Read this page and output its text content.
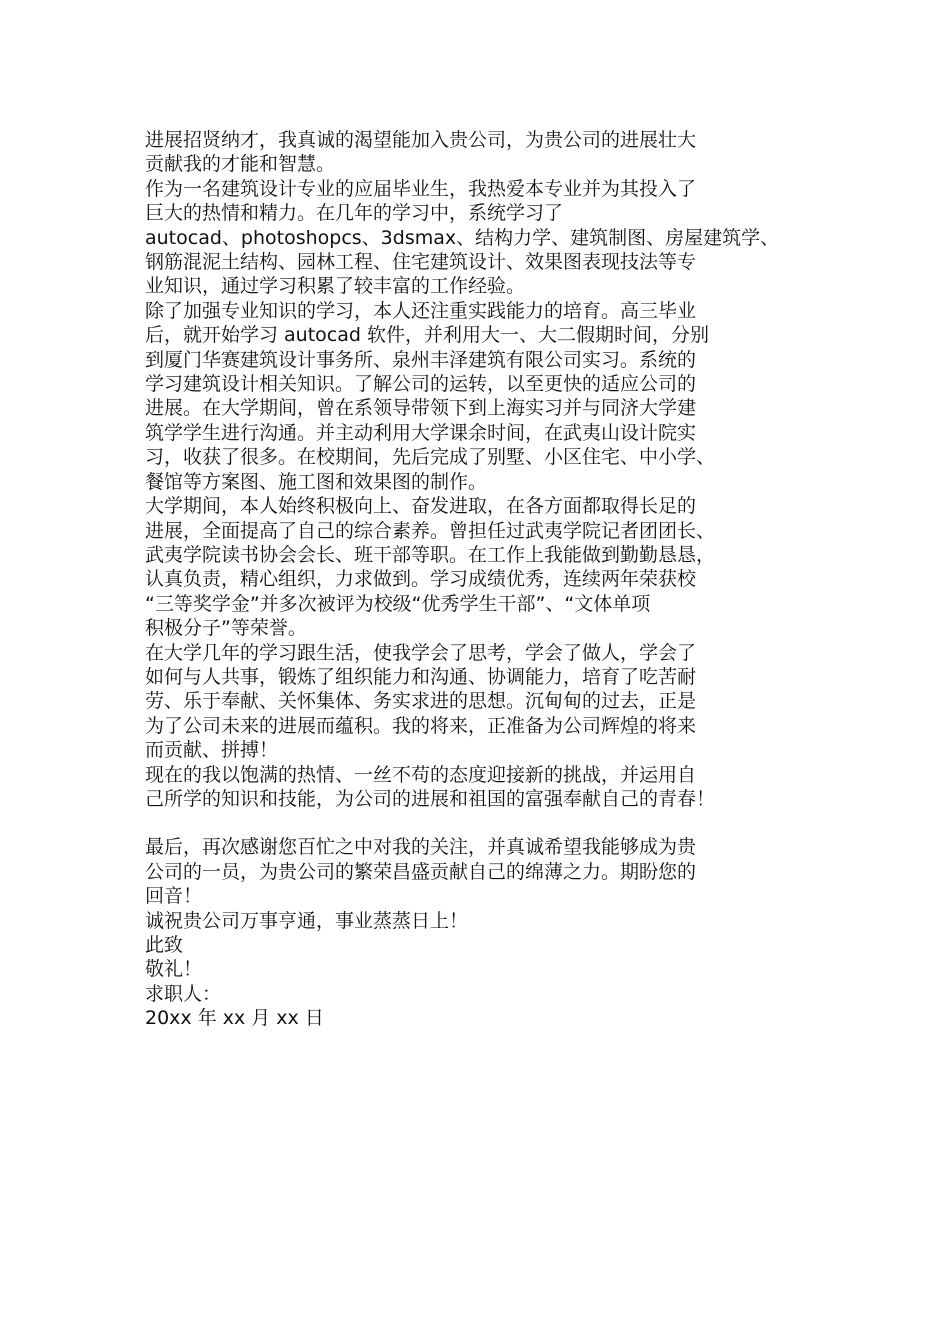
进展招贤纳才，我真诚的渴望能加入贵公司，为贵公司的进展壮大
贡献我的才能和智慧。

作为一名建筑设计专业的应届毕业生，我热爱本专业并为其投入了
巨大的热情和精力。在几年的学习中，系统学习了
autocad、photoshopcs、3dsmax、结构力学、建筑制图、房屋建筑学、
钢筋混泥土结构、园林工程、住宅建筑设计、效果图表现技法等专
业知识，通过学习积累了较丰富的工作经验。

除了加强专业知识的学习，本人还注重实践能力的培育。高三毕业
后，就开始学习 autocad 软件，并利用大一、大二假期时间，分别
到厦门华赛建筑设计事务所、泉州丰泽建筑有限公司实习。系统的
学习建筑设计相关知识。了解公司的运转，以至更快的适应公司的
进展。在大学期间，曾在系领导带领下到上海实习并与同济大学建
筑学学生进行沟通。并主动利用大学课余时间，在武夷山设计院实
习，收获了很多。在校期间，先后完成了别墅、小区住宅、中小学、
餐馆等方案图、施工图和效果图的制作。

大学期间，本人始终积极向上、奋发进取，在各方面都取得长足的
进展，全面提高了自己的综合素养。曾担任过武夷学院记者团团长、
武夷学院读书协会会长、班干部等职。在工作上我能做到勤勤恳恳，
认真负责，精心组织，力求做到。学习成绩优秀，连续两年荣获校
“三等奖学金”并多次被评为校级“优秀学生干部”、“文体单项
积极分子”等荣誉。

在大学几年的学习跟生活，使我学会了思考，学会了做人，学会了
如何与人共事，锻炼了组织能力和沟通、协调能力，培育了吃苦耐
劳、乐于奉献、关怀集体、务实求进的思想。沉甸甸的过去，正是
为了公司未来的进展而蕴积。我的将来，正准备为公司辉煌的将来
而贡献、拼搏！

现在的我以饱满的热情、一丝不苟的态度迎接新的挑战，并运用自
己所学的知识和技能，为公司的进展和祖国的富强奉献自己的青春！

最后，再次感谢您百忙之中对我的关注，并真诚希望我能够成为贵
公司的一员，为贵公司的繁荣昌盛贡献自己的绵薄之力。期盼您的
回音！

诚祝贵公司万事亨通，事业蒸蒸日上！

此致

敬礼！

求职人：

20xx 年 xx 月 xx 日
